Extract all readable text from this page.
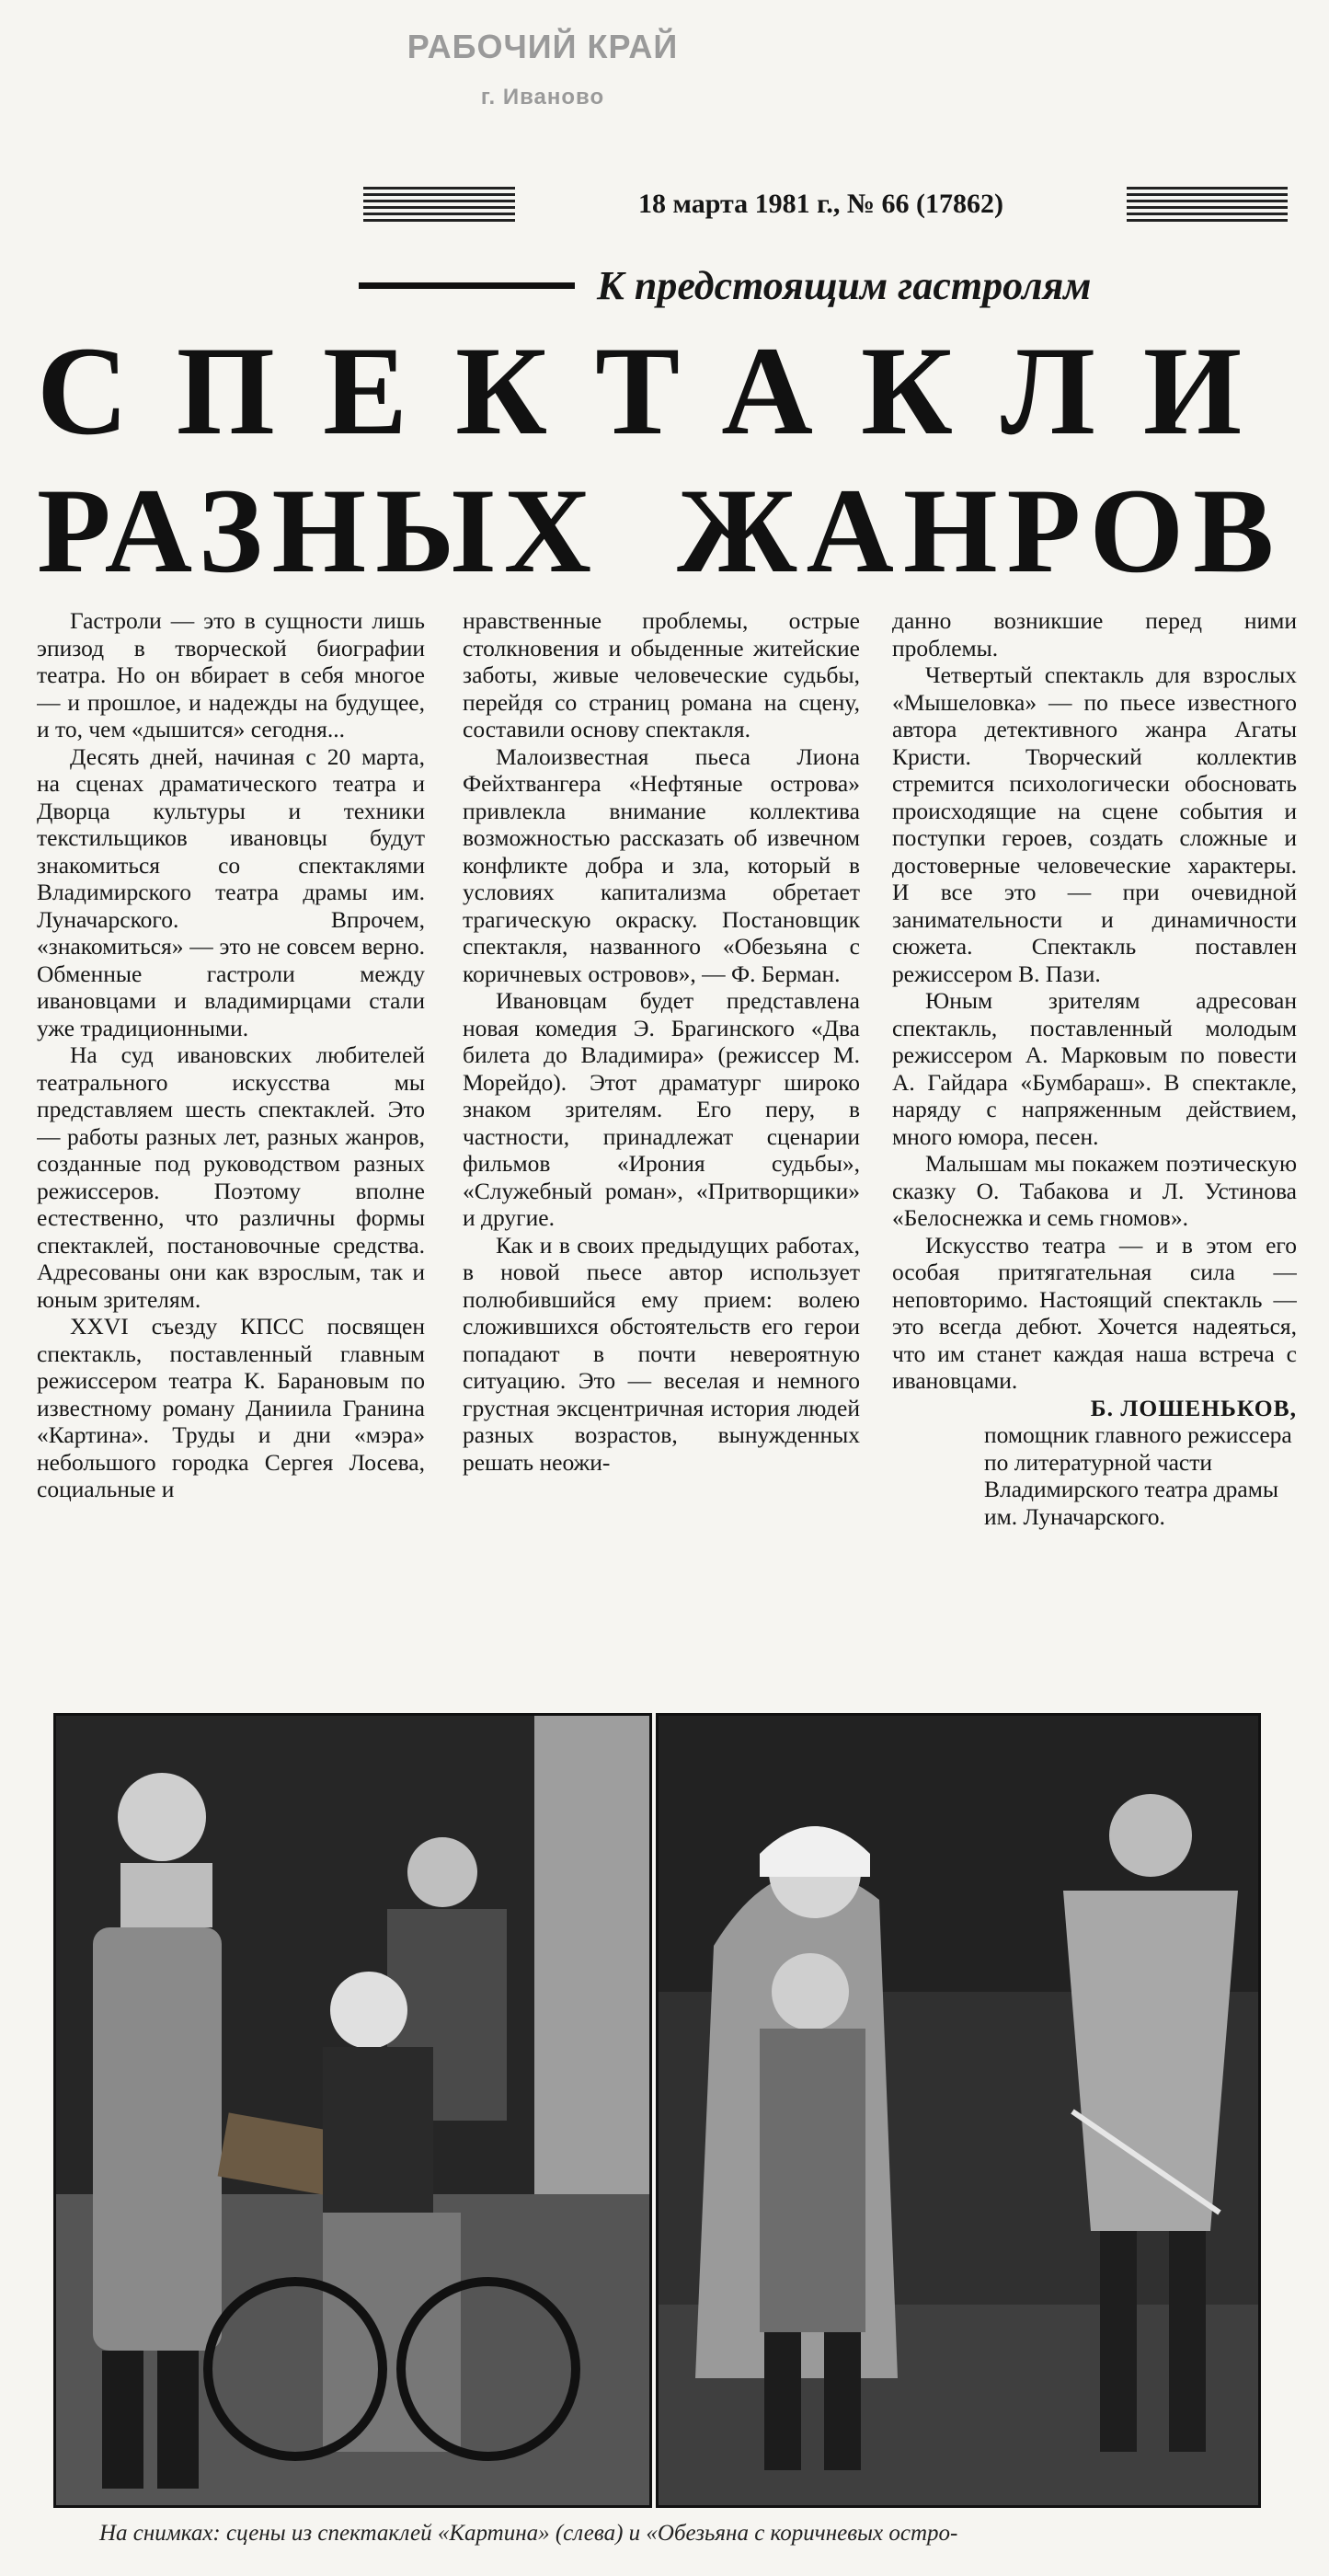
РАБОЧИЙ КРАЙ
г. Иваново
18 марта 1981 г., № 66 (17862)
К предстоящим гастролям
СПЕКТАКЛИ
РАЗНЫХ ЖАНРОВ

Гастроли — это в сущности лишь эпизод в творческой биографии театра. Но он вбирает в себя многое — и прошлое, и надежды на будущее, и то, чем «дышится» сегодня...

Десять дней, начиная с 20 марта, на сценах драматического театра и Дворца культуры и техники текстильщиков ивановцы будут знакомиться со спектаклями Владимирского театра драмы им. Луначарского. Впрочем, «знакомиться» — это не совсем верно. Обменные гастроли между ивановцами и владимирцами стали уже традиционными.

На суд ивановских любителей театрального искусства мы представляем шесть спектаклей. Это — работы разных лет, разных жанров, созданные под руководством разных режиссеров. Поэтому вполне естественно, что различны формы спектаклей, постановочные средства. Адресованы они как взрослым, так и юным зрителям.

XXVI съезду КПСС посвящен спектакль, поставленный главным режиссером театра К. Барановым по известному роману Даниила Гранина «Картина». Труды и дни «мэра» небольшого городка Сергея Лосева, социальные и

нравственные проблемы, острые столкновения и обыденные житейские заботы, живые человеческие судьбы, перейдя со страниц романа на сцену, составили основу спектакля.

Малоизвестная пьеса Лиона Фейхтвангера «Нефтяные острова» привлекла внимание коллектива возможностью рассказать об извечном конфликте добра и зла, который в условиях капитализма обретает трагическую окраску. Постановщик спектакля, названного «Обезьяна с коричневых островов», — Ф. Берман.

Ивановцам будет представлена новая комедия Э. Брагинского «Два билета до Владимира» (режиссер М. Морейдо). Этот драматург широко знаком зрителям. Его перу, в частности, принадлежат сценарии фильмов «Ирония судьбы», «Служебный роман», «Притворщики» и другие.

Как и в своих предыдущих работах, в новой пьесе автор использует полюбившийся ему прием: волею сложившихся обстоятельств его герои попадают в почти невероятную ситуацию. Это — веселая и немного грустная эксцентричная история людей разных возрастов, вынужденных решать неожи-

данно возникшие перед ними проблемы.

Четвертый спектакль для взрослых «Мышеловка» — по пьесе известного автора детективного жанра Агаты Кристи. Творческий коллектив стремится психологически обосновать происходящие на сцене события и поступки героев, создать сложные и достоверные человеческие характеры. И все это — при очевидной занимательности и динамичности сюжета. Спектакль поставлен режиссером В. Пази.

Юным зрителям адресован спектакль, поставленный молодым режиссером А. Марковым по повести А. Гайдара «Бумбараш». В спектакле, наряду с напряженным действием, много юмора, песен.

Малышам мы покажем поэтическую сказку О. Табакова и Л. Устинова «Белоснежка и семь гномов».

Искусство театра — и в этом его особая притягательная сила — неповторимо. Настоящий спектакль — это всегда дебют. Хочется надеяться, что им станет каждая наша встреча с ивановцами.

Б. ЛОШЕНЬКОВ,

помощник главного режиссера по литературной части Владимирского театра драмы им. Луначарского.

На снимках: сцены из спектаклей «Картина» (слева) и «Обезьяна с коричневых остро-
